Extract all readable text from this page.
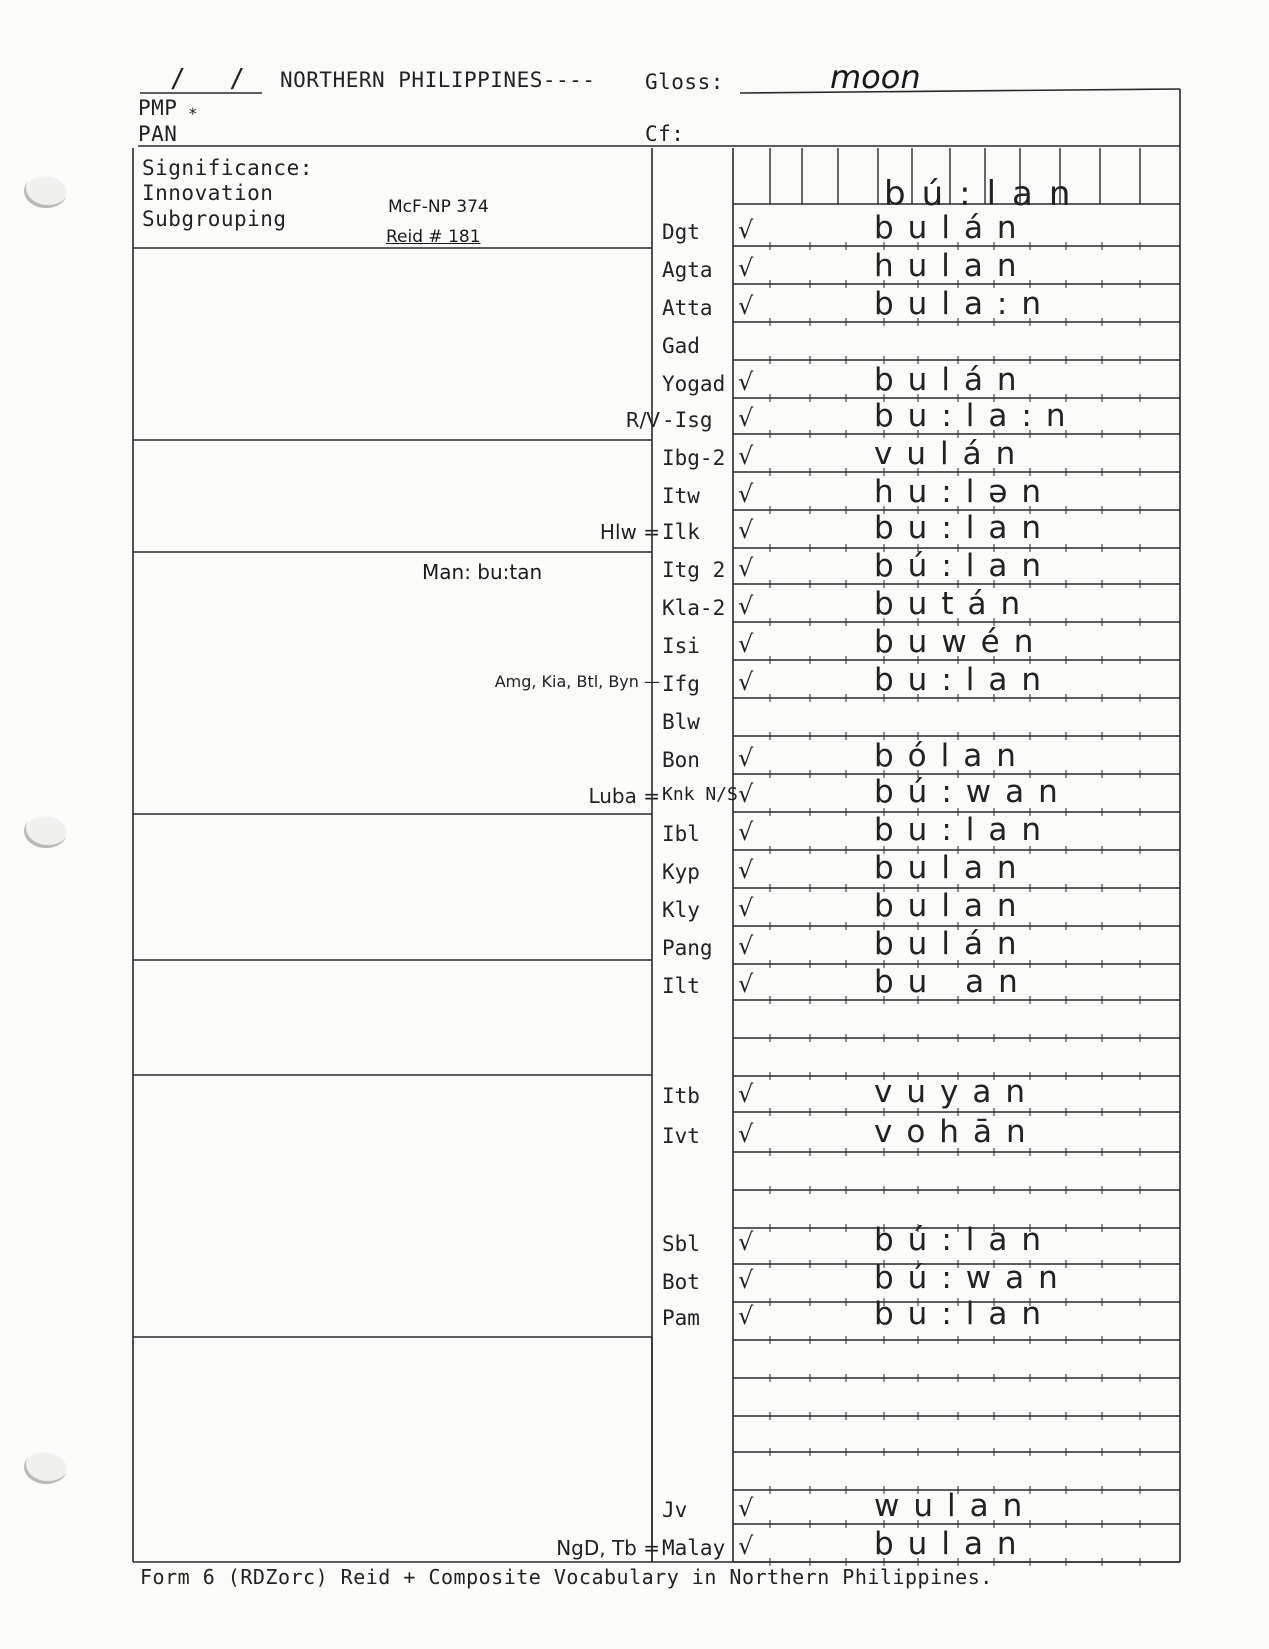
/ / NORTHERN PHILIPPINES---- Gloss:	moon
PMP *
PAN	Cf:
Significance:
Innovation
Subgrouping	McF-NP 374
Reid # 181
bú:lan
Man: bu:tan
Dgt	√	bulán
Agta	√	hulan
Atta	√	bula:n
Gad
Yogad √	bulán
R/V -Isg	√	bu:la:n
Ibg-2 √	vulán
Itw	√	hu:lən
Hlw = Ilk	√	bu:lan
Itg 2 √	bú:lan
Kla-2 √	bután
Isi	√	buwén
Amg, Kia, Btl, Byn — Ifg	√	bu:lan
Blw
Bon	√	bólan
Luba = Knk N/S √	bú:wan
Ibl	√	bu:lan
Kyp	√	bulan
Kly	√	bulan
Pang	√	bulán
Ilt	√	bu an
Itb	√	vuyan
Ivt	√	vohān
Sbl	√	bú:lan
Bot	√	bú:wan
Pam	√	bu:lan
Jv	√	wulan
NgD, Tb = Malay √	bulan
Form 6 (RDZorc) Reid + Composite Vocabulary in Northern Philippines.
